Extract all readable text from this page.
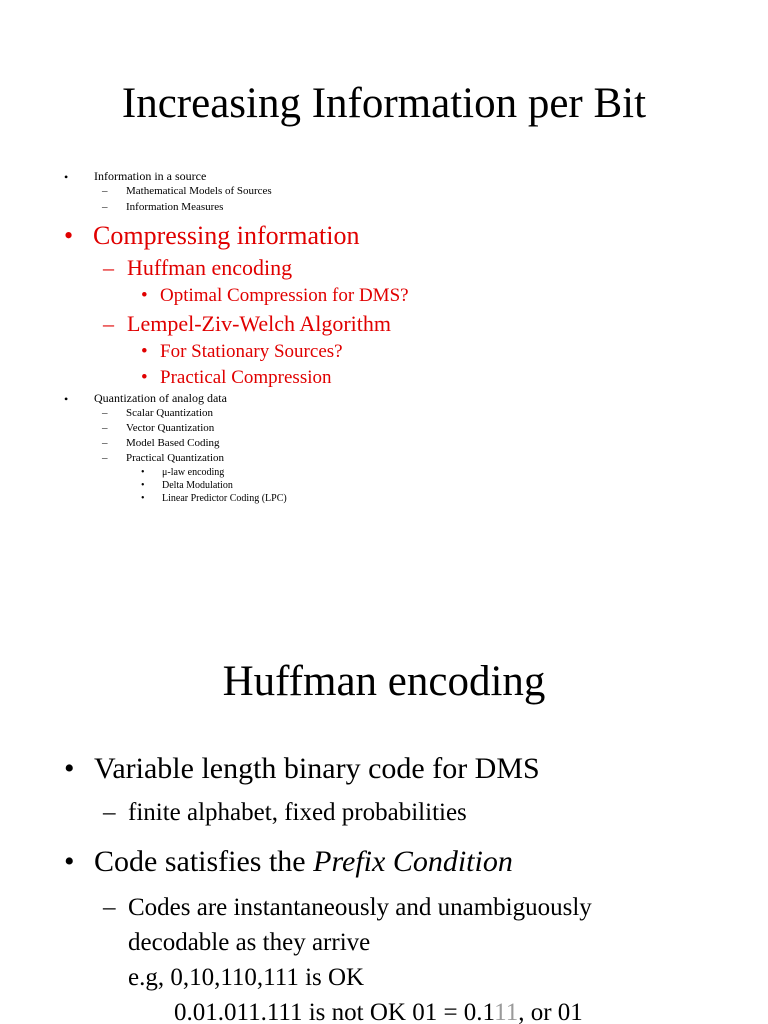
Increasing Information per Bit
• Information in a source
– Mathematical Models of Sources
– Information Measures
• Compressing information
– Huffman encoding
• Optimal Compression for DMS?
– Lempel-Ziv-Welch Algorithm
• For Stationary Sources?
• Practical Compression
• Quantization of analog data
– Scalar Quantization
– Vector Quantization
– Model Based Coding
– Practical Quantization
• μ-law encoding
• Delta Modulation
• Linear Predictor Coding (LPC)
Huffman encoding
• Variable length binary code for DMS
– finite alphabet, fixed probabilities
• Code satisfies the Prefix Condition
– Codes are instantaneously and unambiguously
decodable as they arrive
e.g, 0,10,110,111 is OK
0.01.011.111 is not OK 01 = 0.111, or 01
